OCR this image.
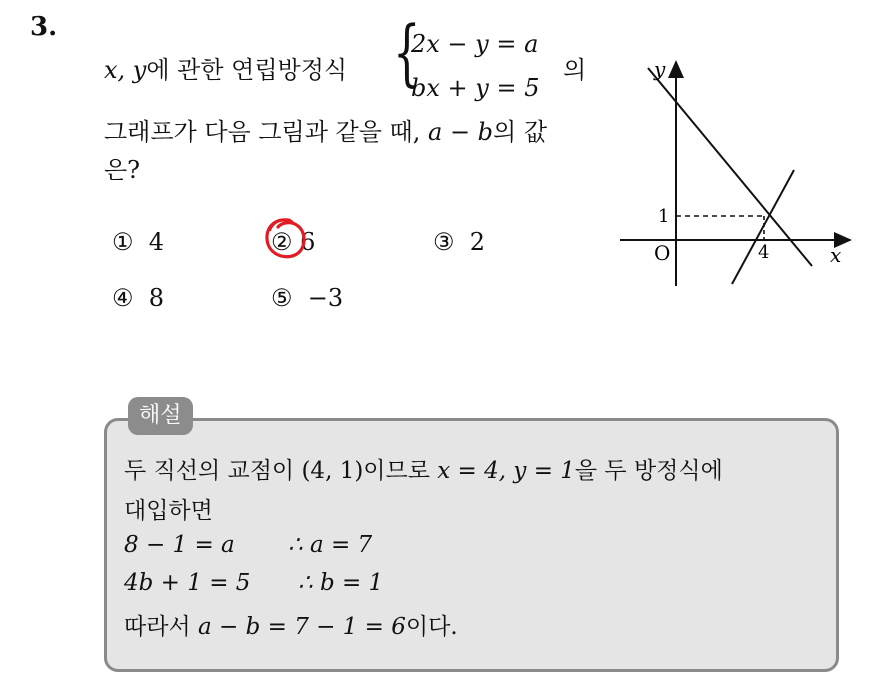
3.
x, y에 관한 연립방정식 {
2x − y = a
bx + y = 5
의
그래프가 다음 그림과 같을 때, a − b의 값
은?
① 4	② 6	③ 2
④ 8	⑤ −3
y
x
O
1
4
해설
두 직선의 교점이 (4, 1)이므로 x = 4, y = 1을 두 방정식에
대입하면
8 − 1 = a ∴ a = 7
4b + 1 = 5 ∴ b = 1
따라서 a − b = 7 − 1 = 6이다.
